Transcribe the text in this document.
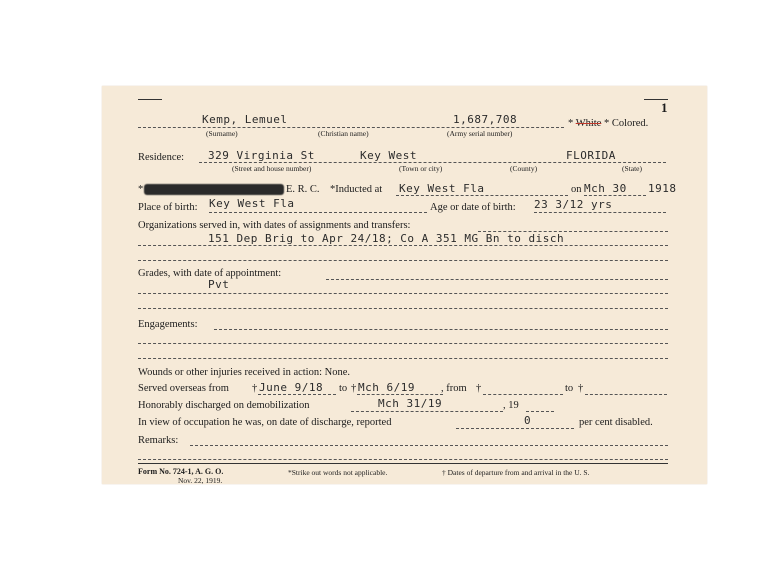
1
Kemp, Lemuel	1,687,708
(Surname)	(Christian name)	(Army serial number)
* White * Colored.
Residence: 329 Virginia St	Key West	FLORIDA
(Street and house number)	(Town or city)	(County)	(State)
*	E. R. C. *Inducted at Key West Fla	on Mch 30 1918
Place of birth: Key West Fla	Age or date of birth: 23 3/12 yrs
Organizations served in, with dates of assignments and transfers:
151 Dep Brig to Apr 24/18; Co A 351 MG Bn to disch
Grades, with date of appointment:
Pvt
Engagements:
Wounds or other injuries received in action: None.
Served overseas from † June 9/18 to † Mch 6/19 , from †	to †
Honorably discharged on demobilization	Mch 31/19	, 19
In view of occupation he was, on date of discharge, reported	0	per cent disabled.
Remarks:
Form No. 724-1, A. G. O.
Nov. 22, 1919.
*Strike out words not applicable.	† Dates of departure from and arrival in the U. S.
